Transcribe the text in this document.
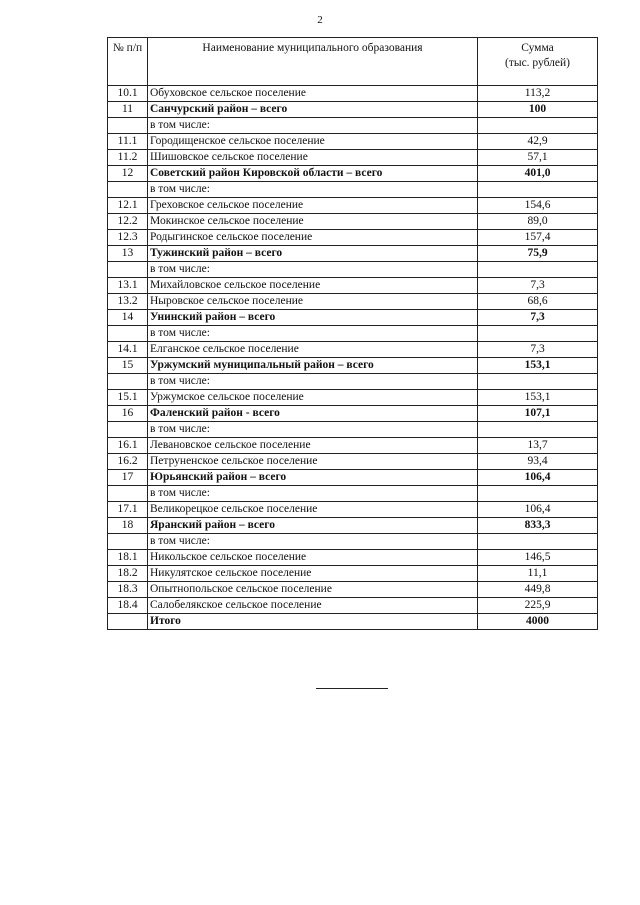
2
№ п/п	Наименование муниципального образования	Сумма
(тыс. рублей)

10.1	Обуховское сельское поселение	113,2
11	Санчурский район – всего	100
	в том числе:	
11.1	Городищенское сельское поселение	42,9
11.2	Шишовское сельское поселение	57,1
12	Советский район Кировской области – всего	401,0
	в том числе:	
12.1	Греховское сельское поселение	154,6
12.2	Мокинское сельское поселение	89,0
12.3	Родыгинское сельское поселение	157,4
13	Тужинский район – всего	75,9
	в том числе:	
13.1	Михайловское сельское поселение	7,3
13.2	Ныровское сельское поселение	68,6
14	Унинский район – всего	7,3
	в том числе:	
14.1	Елганское сельское поселение	7,3
15	Уржумский муниципальный район – всего	153,1
	в том числе:	
15.1	Уржумское сельское поселение	153,1
16	Фаленский район - всего	107,1
	в том числе:	
16.1	Левановское сельское поселение	13,7
16.2	Петруненское сельское поселение	93,4
17	Юрьянский район – всего	106,4
	в том числе:	
17.1	Великорецкое сельское поселение	106,4
18	Яранский район – всего	833,3
	в том числе:	
18.1	Никольское сельское поселение	146,5
18.2	Никулятское сельское поселение	11,1
18.3	Опытнопольское сельское поселение	449,8
18.4	Салобелякское сельское поселение	225,9
	Итого	4000
